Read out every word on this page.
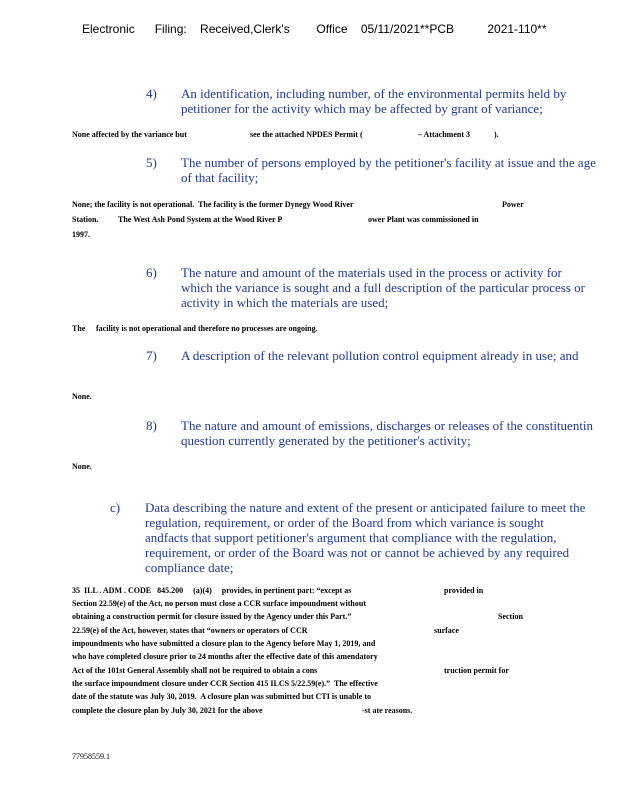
Electronic      Filing:    Received,Clerk's        Office    05/11/2021**PCB          2021-110**
4)	An identification, including number, of the environmental permits held by petitioner for the activity which may be affected by grant of variance;
None affected by the variance but	see the attached NPDES Permit (	– Attachment 3	).
5)	The number of persons employed by the petitioner's facility at issue and the age of that facility;
None; the facility is not operational.  The facility is the former Dynegy Wood River	Power
Station. The West Ash Pond System at the Wood River P	ower Plant was commissioned in
1997.
6)	The nature and amount of the materials used in the process or activity for which the variance is sought and a full description of the particular process or activity in which the materials are used;
The facility is not operational and therefore no processes are ongoing.
7)	A description of the relevant pollution control equipment already in use; and
None.
8)	The nature and amount of emissions, discharges or releases of the constituentin question currently generated by the petitioner's activity;
None.
c)	Data describing the nature and extent of the present or anticipated failure to meet the regulation, requirement, or order of the Board from which variance is sought andfacts that support petitioner's argument that compliance with the regulation, requirement, or order of the Board was not or cannot be achieved by any required compliance date;
35  ILL . ADM . CODE   845.200     (a)(4)     provides, in pertinent part: “except as	provided in
Section 22.59(e) of the Act, no person must close a CCR surface impoundment without
obtaining a construction permit for closure issued by the Agency under this Part.”	Section
22.59(e) of the Act, however, states that “owners or operators of CCR	surface
impoundments who have submitted a closure plan to the Agency before May 1, 2019, and
who have completed closure prior to 24 months after the effective date of this amendatory
Act of the 101st General Assembly shall not be required to obtain a cons	truction permit for
the surface impoundment closure under CCR Section 415 ILCS 5/22.59(e).”  The effective
date of the statute was July 30, 2019.  A closure plan was submitted but CTI is unable to
complete the closure plan by July 30, 2021 for the above	-st ate reasons.
77958559.1
